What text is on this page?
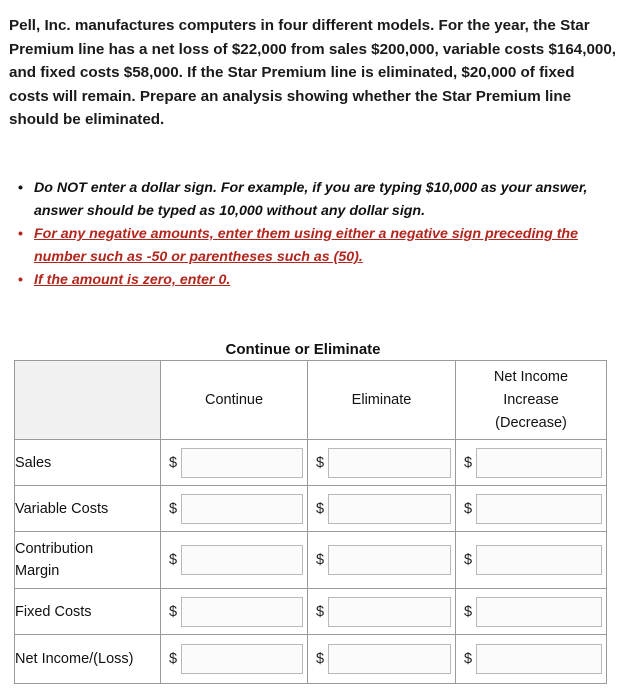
Pell, Inc. manufactures computers in four different models. For the year, the Star Premium line has a net loss of $22,000 from sales $200,000, variable costs $164,000, and fixed costs $58,000. If the Star Premium line is eliminated, $20,000 of fixed costs will remain. Prepare an analysis showing whether the Star Premium line should be eliminated.
• Do NOT enter a dollar sign. For example, if you are typing $10,000 as your answer, answer should be typed as 10,000 without any dollar sign.
• For any negative amounts, enter them using either a negative sign preceding the number such as -50 or parentheses such as (50).
• If the amount is zero, enter 0.
Continue or Eliminate
	Continue	Eliminate	Net Income
Increase
(Decrease)

Sales	$	$	$

Variable Costs	$	$	$

Contribution
Margin	$	$	$

Fixed Costs	$	$	$

Net Income/(Loss)	$	$	$
